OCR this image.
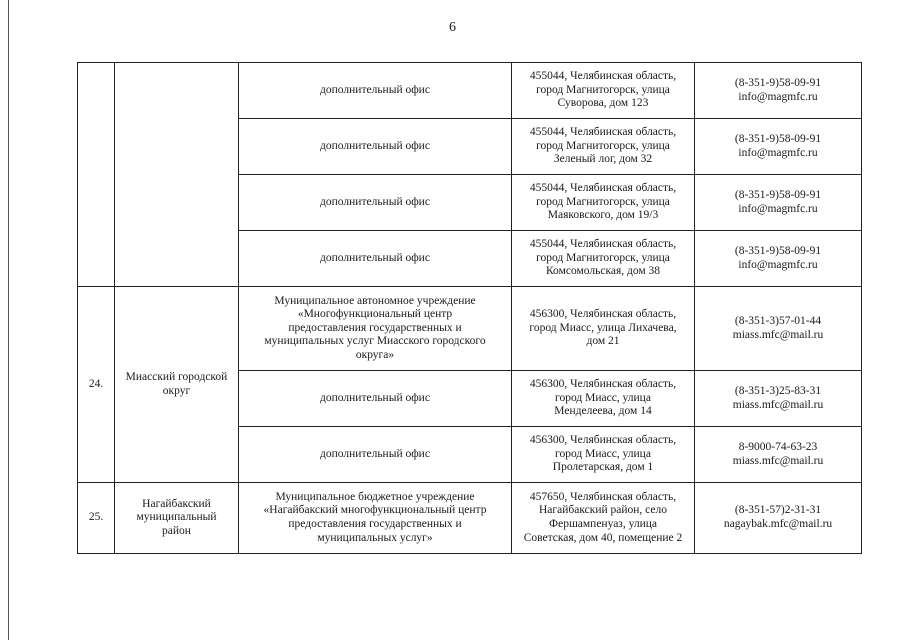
6
		дополнительный офис	455044, Челябинская область,
город Магнитогорск, улица
Суворова, дом 123	(8-351-9)58-09-91
info@magmfc.ru
		дополнительный офис	455044, Челябинская область,
город Магнитогорск, улица
Зеленый лог, дом 32	(8-351-9)58-09-91
info@magmfc.ru
		дополнительный офис	455044, Челябинская область,
город Магнитогорск, улица
Маяковского, дом 19/3	(8-351-9)58-09-91
info@magmfc.ru
		дополнительный офис	455044, Челябинская область,
город Магнитогорск, улица
Комсомольская, дом 38	(8-351-9)58-09-91
info@magmfc.ru
24.	Миасский городской
округ	Муниципальное автономное учреждение
«Многофункциональный центр
предоставления государственных и
муниципальных услуг Миасского городского
округа»	456300, Челябинская область,
город Миасс, улица Лихачева,
дом 21	(8-351-3)57-01-44
miass.mfc@mail.ru
		дополнительный офис	456300, Челябинская область,
город Миасс, улица
Менделеева, дом 14	(8-351-3)25-83-31
miass.mfc@mail.ru
		дополнительный офис	456300, Челябинская область,
город Миасс, улица
Пролетарская, дом 1	8-9000-74-63-23
miass.mfc@mail.ru
25.	Нагайбакский
муниципальный
район	Муниципальное бюджетное учреждение
«Нагайбакский многофункциональный центр
предоставления государственных и
муниципальных услуг»	457650, Челябинская область,
Нагайбакский район, село
Фершампенуаз, улица
Советская, дом 40, помещение 2	(8-351-57)2-31-31
nagaybak.mfc@mail.ru
